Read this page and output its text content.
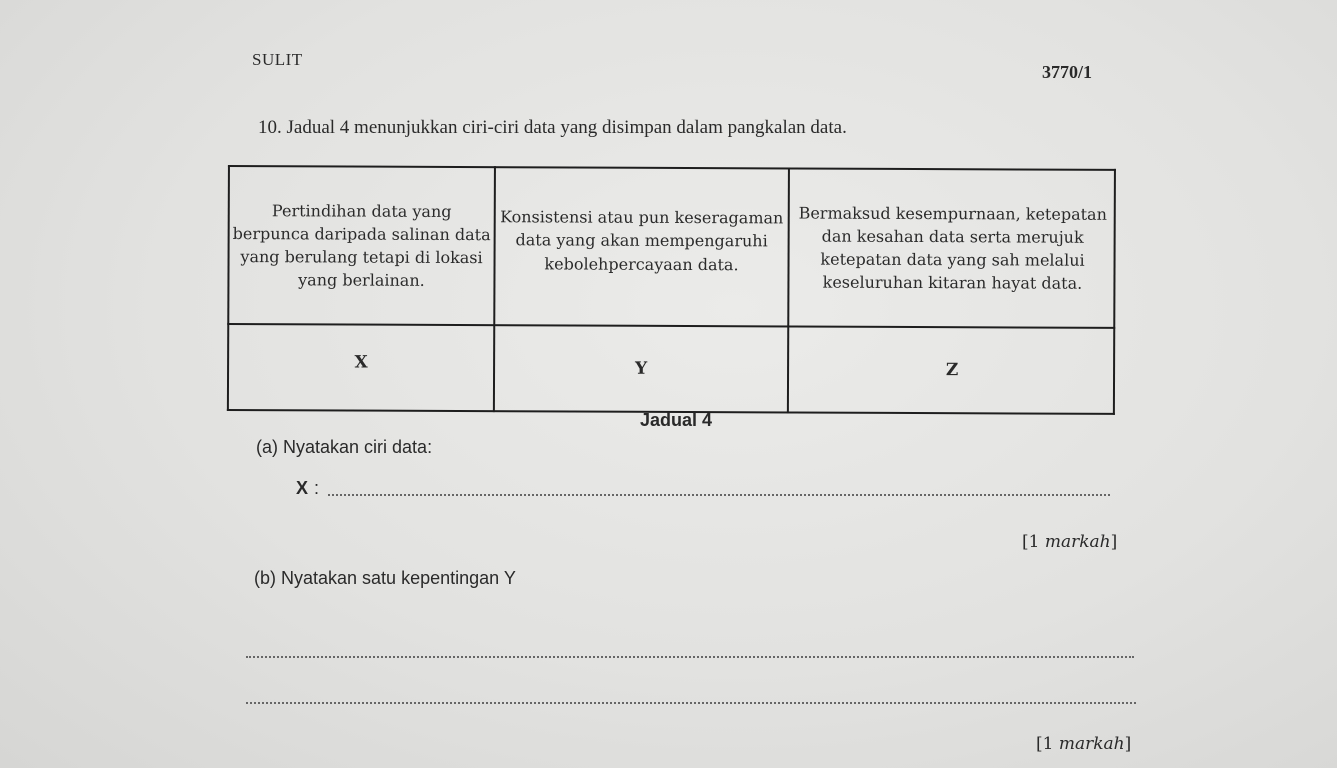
SULIT
3770/1
10. Jadual 4 menunjukkan ciri-ciri data yang disimpan dalam pangkalan data.
Pertindihan data yang berpunca daripada salinan data yang berulang tetapi di lokasi yang berlainan.
Konsistensi atau pun keseragaman data yang akan mempengaruhi kebolehpercayaan data.
Bermaksud kesempurnaan, ketepatan dan kesahan data serta merujuk ketepatan data yang sah melalui keseluruhan kitaran hayat data.
X	Y	Z
Jadual 4
(a) Nyatakan ciri data:
X :
[1 markah]
(b) Nyatakan satu kepentingan Y
[1 markah]
